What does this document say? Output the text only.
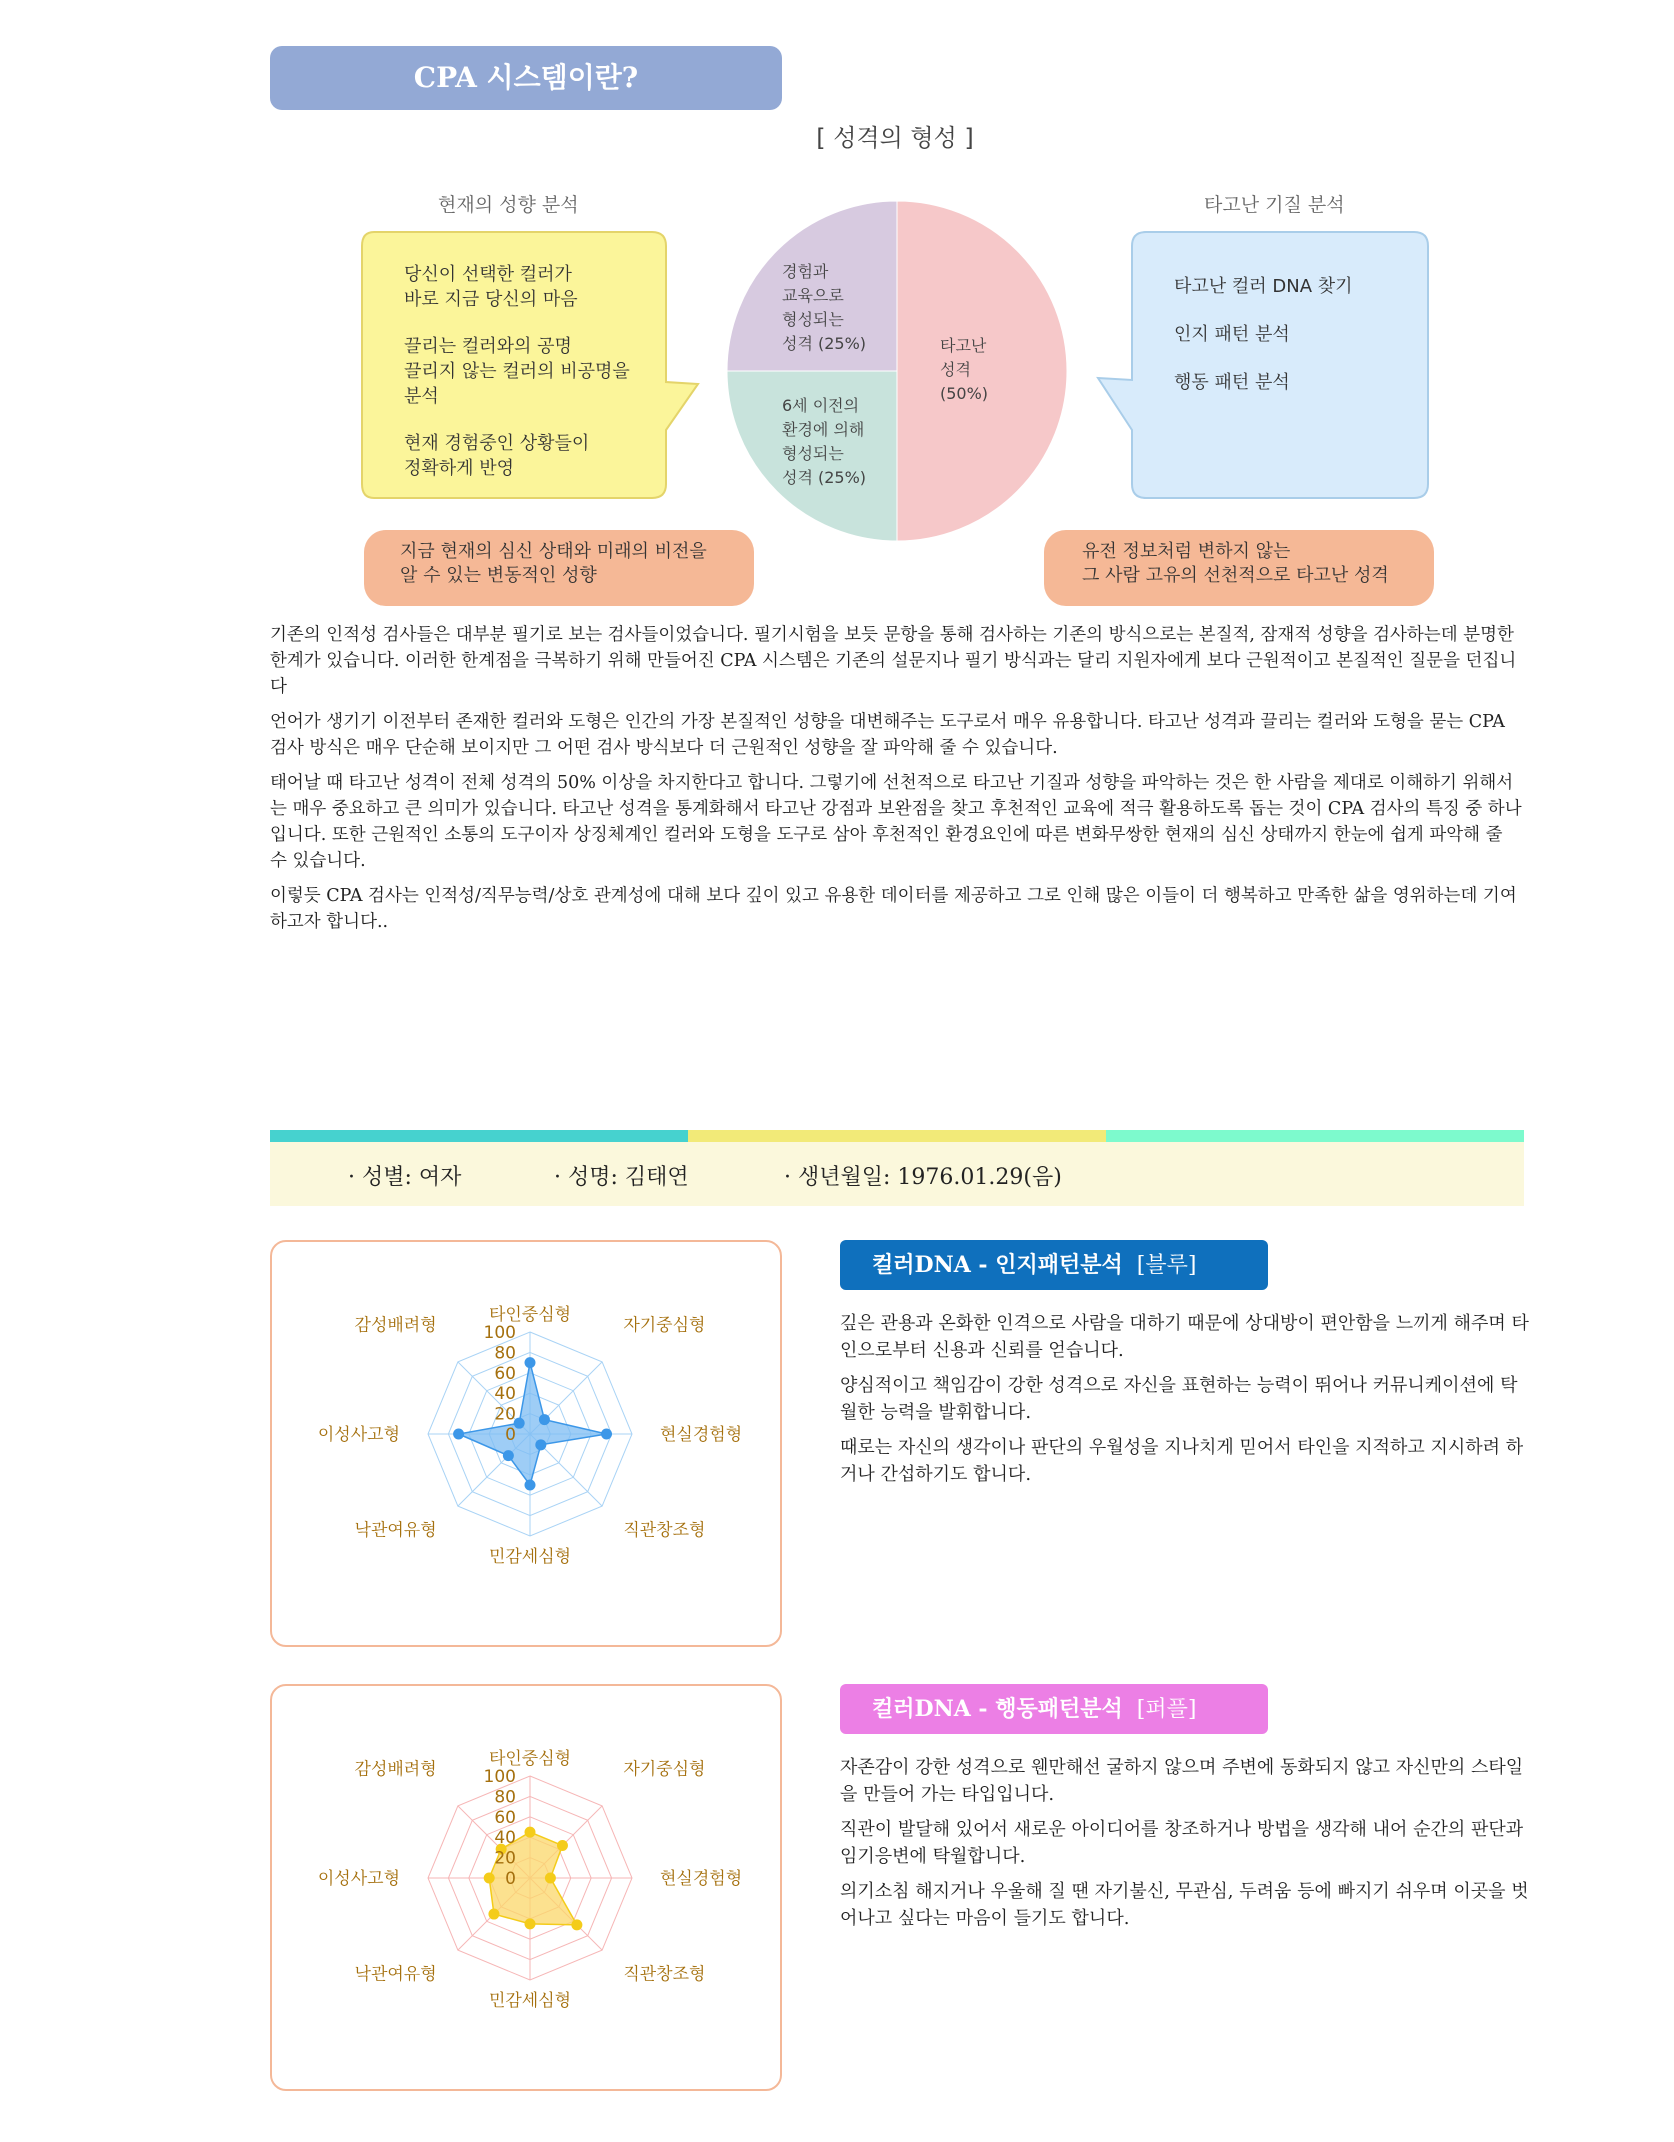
CPA 시스템이란?
[ 성격의 형성 ]
현재의 성향 분석

당신이 선택한 컬러가
바로 지금 당신의 마음

끌리는 컬러와의 공명
끌리지 않는 컬러의 비공명을
분석

현재 경험중인 상황들이
정확하게 반영

지금 현재의 심신 상태와 미래의 비전을
알 수 있는 변동적인 성향
경험과
교육으로
형성되는
성격 (25%)
6세 이전의
환경에 의해
형성되는
성격 (25%)
타고난
성격
(50%)
타고난 기질 분석

타고난 컬러 DNA 찾기

인지 패턴 분석

행동 패턴 분석

유전 정보처럼 변하지 않는
그 사람 고유의 선천적으로 타고난 성격

기존의 인적성 검사들은 대부분 필기로 보는 검사들이었습니다. 필기시험을 보듯 문항을 통해 검사하는 기존의 방식으로는 본질적, 잠재적 성향을 검사하는데 분명한 한계가 있습니다. 이러한 한계점을 극복하기 위해 만들어진 CPA 시스템은 기존의 설문지나 필기 방식과는 달리 지원자에게 보다 근원적이고 본질적인 질문을 던집니다

언어가 생기기 이전부터 존재한 컬러와 도형은 인간의 가장 본질적인 성향을 대변해주는 도구로서 매우 유용합니다. 타고난 성격과 끌리는 컬러와 도형을 묻는 CPA 검사 방식은 매우 단순해 보이지만 그 어떤 검사 방식보다 더 근원적인 성향을 잘 파악해 줄 수 있습니다.

태어날 때 타고난 성격이 전체 성격의 50% 이상을 차지한다고 합니다. 그렇기에 선천적으로 타고난 기질과 성향을 파악하는 것은 한 사람을 제대로 이해하기 위해서는 매우 중요하고 큰 의미가 있습니다. 타고난 성격을 통계화해서 타고난 강점과 보완점을 찾고 후천적인 교육에 적극 활용하도록 돕는 것이 CPA 검사의 특징 중 하나입니다. 또한 근원적인 소통의 도구이자 상징체계인 컬러와 도형을 도구로 삼아 후천적인 환경요인에 따른 변화무쌍한 현재의 심신 상태까지 한눈에 쉽게 파악해 줄 수 있습니다.

이렇듯 CPA 검사는 인적성/직무능력/상호 관계성에 대해 보다 깊이 있고 유용한 데이터를 제공하고 그로 인해 많은 이들이 더 행복하고 만족한 삶을 영위하는데 기여하고자 합니다..

· 성별: 여자	· 성명: 김태연	· 생년월일: 1976.01.29(음)
0
20
40
60
80
100
타인중심형
자기중심형
현실경험형
직관창조형
민감세심형
낙관여유형
이성사고형
감성배려형
컬러DNA - 인지패턴분석 [블루]

깊은 관용과 온화한 인격으로 사람을 대하기 때문에 상대방이 편안함을 느끼게 해주며 타인으로부터 신용과 신뢰를 얻습니다.

양심적이고 책임감이 강한 성격으로 자신을 표현하는 능력이 뛰어나 커뮤니케이션에 탁월한 능력을 발휘합니다.

때로는 자신의 생각이나 판단의 우월성을 지나치게 믿어서 타인을 지적하고 지시하려 하거나 간섭하기도 합니다.

0
20
40
60
80
100
타인중심형
자기중심형
현실경험형
직관창조형
민감세심형
낙관여유형
이성사고형
감성배려형
컬러DNA - 행동패턴분석 [퍼플]

자존감이 강한 성격으로 웬만해선 굴하지 않으며 주변에 동화되지 않고 자신만의 스타일을 만들어 가는 타입입니다.

직관이 발달해 있어서 새로운 아이디어를 창조하거나 방법을 생각해 내어 순간의 판단과 임기응변에 탁월합니다.

의기소침 해지거나 우울해 질 땐 자기불신, 무관심, 두려움 등에 빠지기 쉬우며 이곳을 벗어나고 싶다는 마음이 들기도 합니다.
